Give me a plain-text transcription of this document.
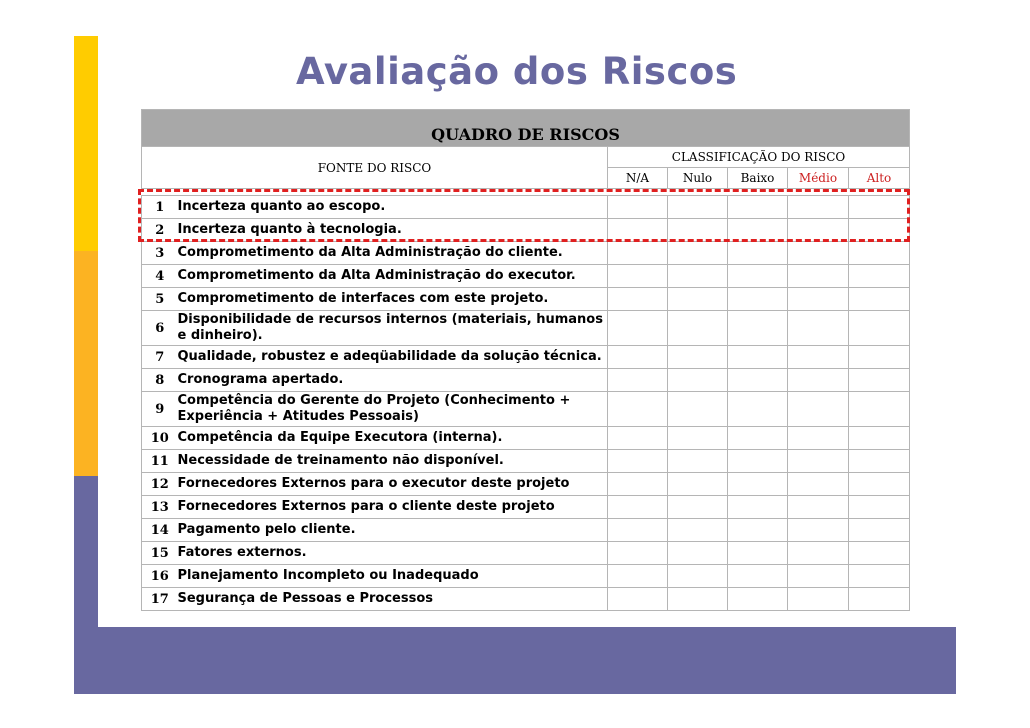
Avaliação dos Riscos
QUADRO DE RISCOS						
FONTE DO RISCO		CLASSIFICAÇÃO DO RISCO				
		N/A	Nulo	Baixo	Médio	Alto

1	Incerteza quanto ao escopo.					
2	Incerteza quanto à tecnologia.					
3	Comprometimento da Alta Administração do cliente.					
4	Comprometimento da Alta Administração do executor.					
5	Comprometimento de interfaces com este projeto.					
6	Disponibilidade de recursos internos (materiais, humanos e dinheiro).					
7	Qualidade, robustez e adeqüabilidade da solução técnica.					
8	Cronograma apertado.					
9	Competência do Gerente do Projeto (Conhecimento + Experiência + Atitudes Pessoais)					
10	Competência da Equipe Executora (interna).					
11	Necessidade de treinamento não disponível.					
12	Fornecedores Externos para o executor deste projeto					
13	Fornecedores Externos para o cliente deste projeto					
14	Pagamento pelo cliente.					
15	Fatores externos.					
16	Planejamento Incompleto ou Inadequado					
17	Segurança de Pessoas e Processos					
